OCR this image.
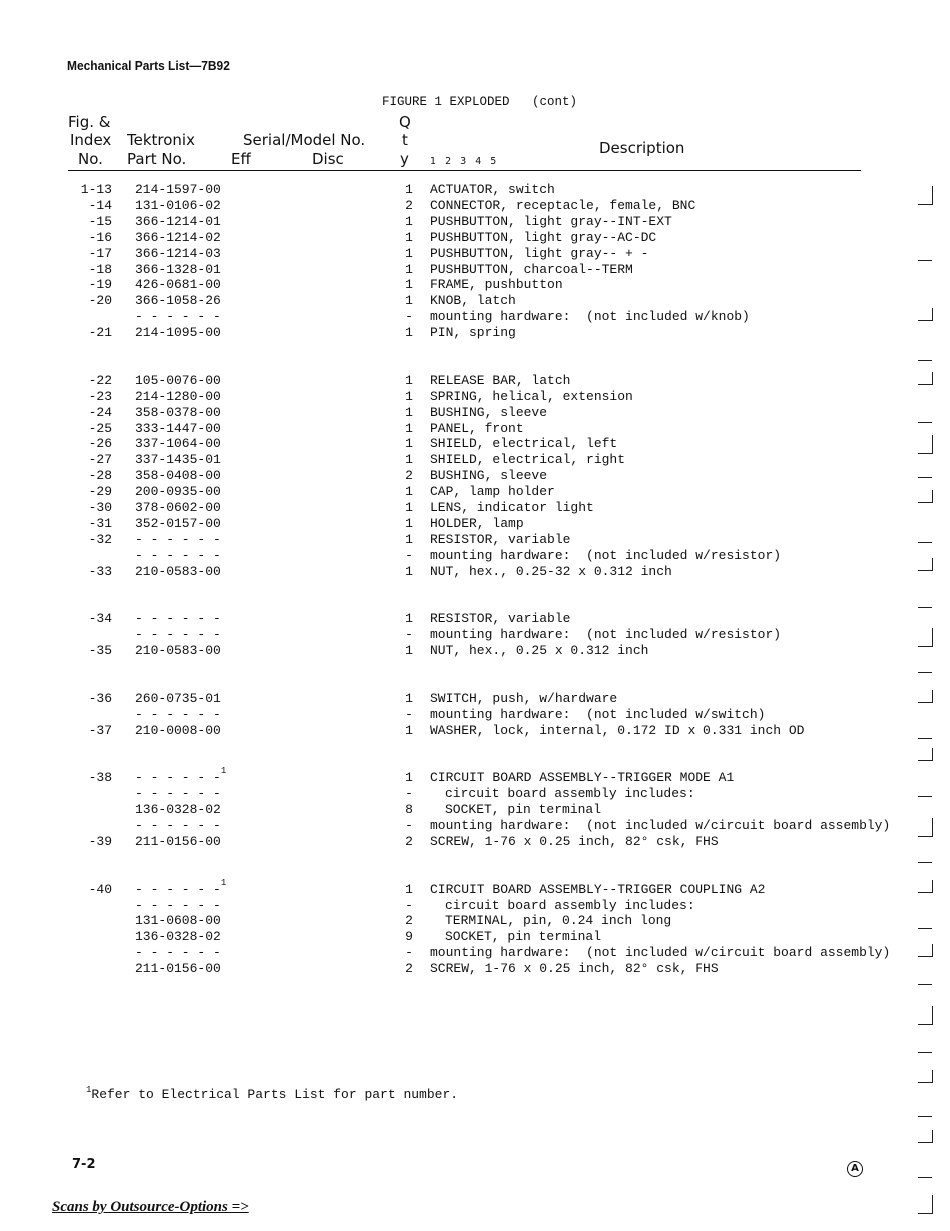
Mechanical Parts List—7B92
FIGURE 1 EXPLODED   (cont)
Fig. &
Index
No.
Tektronix
Part No.
Serial/Model No.
Eff	Disc
Q
t
y 1 2 3 4 5
Description
1-13 214-1597-00	1 ACTUATOR, switch
-14 131-0106-02	2 CONNECTOR, receptacle, female, BNC
-15 366-1214-01	1 PUSHBUTTON, light gray--INT-EXT
-16 366-1214-02	1 PUSHBUTTON, light gray--AC-DC
-17 366-1214-03	1 PUSHBUTTON, light gray-- + -
-18 366-1328-01	1 PUSHBUTTON, charcoal--TERM
-19 426-0681-00	1 FRAME, pushbutton
-20 366-1058-26	1 KNOB, latch
- - - - - -	- mounting hardware:  (not included w/knob)
-21 214-1095-00	1 PIN, spring
-22 105-0076-00	1 RELEASE BAR, latch
-23 214-1280-00	1 SPRING, helical, extension
-24 358-0378-00	1 BUSHING, sleeve
-25 333-1447-00	1 PANEL, front
-26 337-1064-00	1 SHIELD, electrical, left
-27 337-1435-01	1 SHIELD, electrical, right
-28 358-0408-00	2 BUSHING, sleeve
-29 200-0935-00	1 CAP, lamp holder
-30 378-0602-00	1 LENS, indicator light
-31 352-0157-00	1 HOLDER, lamp
-32 - - - - - -	1 RESISTOR, variable
- - - - - -	- mounting hardware:  (not included w/resistor)
-33 210-0583-00	1 NUT, hex., 0.25-32 x 0.312 inch
-34 - - - - - -	1 RESISTOR, variable
- - - - - -	- mounting hardware:  (not included w/resistor)
-35 210-0583-00	1 NUT, hex., 0.25 x 0.312 inch
-36 260-0735-01	1 SWITCH, push, w/hardware
- - - - - -	- mounting hardware:  (not included w/switch)
-37 210-0008-00	1 WASHER, lock, internal, 0.172 ID x 0.331 inch OD
-38 - - - - - -$^1$	1 CIRCUIT BOARD ASSEMBLY--TRIGGER MODE A1
- - - - - -	- circuit board assembly includes:
136-0328-02	8 SOCKET, pin terminal
- - - - - -	- mounting hardware:  (not included w/circuit board assembly)
-39 211-0156-00	2 SCREW, 1-76 x 0.25 inch, 82° csk, FHS
-40 - - - - - -$^1$	1 CIRCUIT BOARD ASSEMBLY--TRIGGER COUPLING A2
- - - - - -	- circuit board assembly includes:
131-0608-00	2 TERMINAL, pin, 0.24 inch long
136-0328-02	9 SOCKET, pin terminal
- - - - - -	- mounting hardware:  (not included w/circuit board assembly)
211-0156-00	2 SCREW, 1-76 x 0.25 inch, 82° csk, FHS
$^1$Refer to Electrical Parts List for part number.
7-2	A
Scans by Outsource-Options =>
